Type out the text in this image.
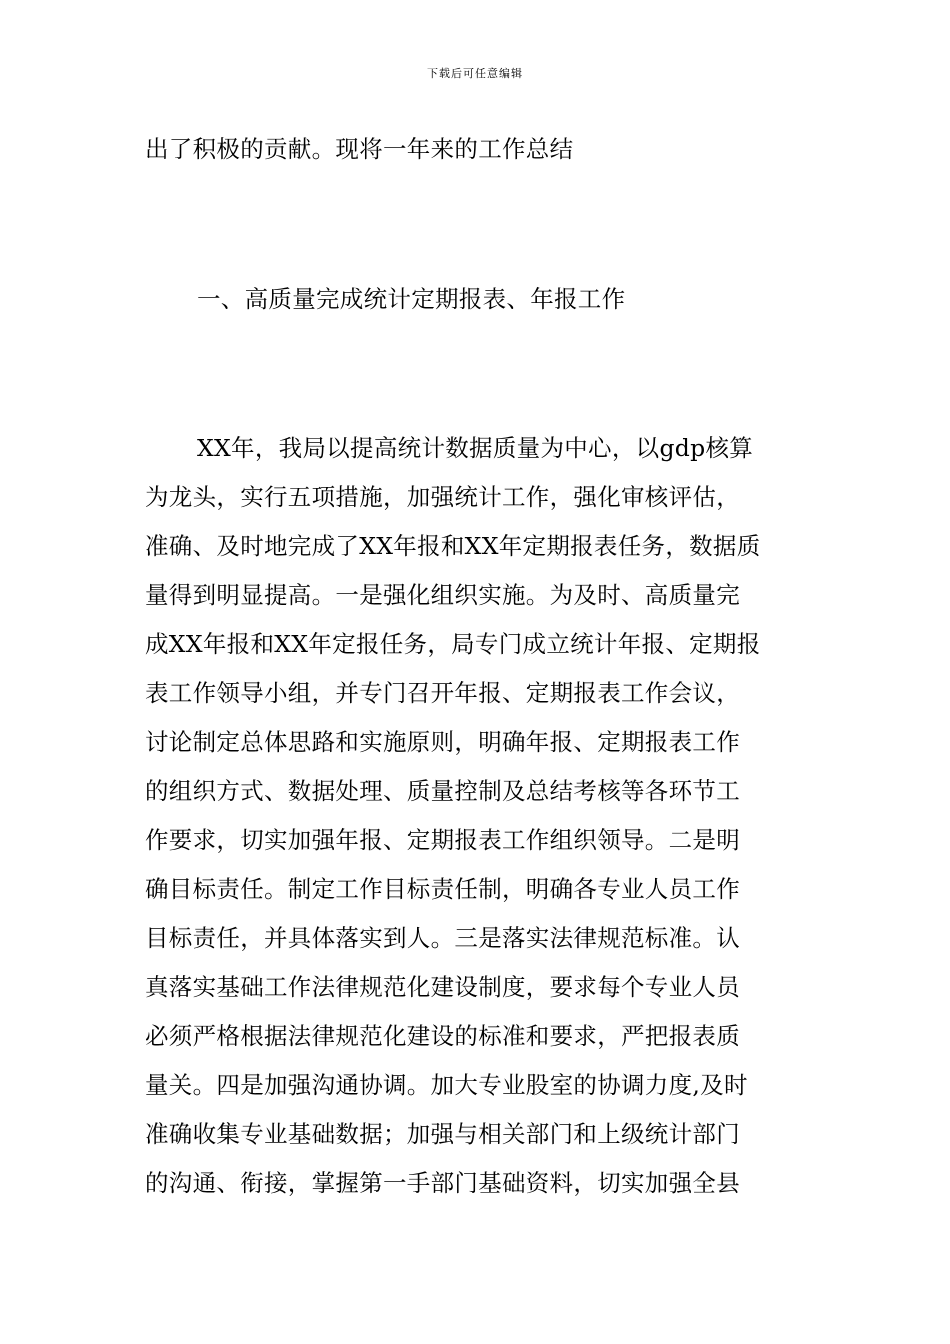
下载后可任意编辑
出了积极的贡献。现将一年来的工作总结
一、高质量完成统计定期报表、年报工作
XX年，我局以提高统计数据质量为中心，以gdp核算
为龙头，实行五项措施，加强统计工作，强化审核评估，
准确、及时地完成了XX年报和XX年定期报表任务，数据质
量得到明显提高。一是强化组织实施。为及时、高质量完
成XX年报和XX年定报任务，局专门成立统计年报、定期报
表工作领导小组，并专门召开年报、定期报表工作会议，
讨论制定总体思路和实施原则，明确年报、定期报表工作
的组织方式、数据处理、质量控制及总结考核等各环节工
作要求，切实加强年报、定期报表工作组织领导。二是明
确目标责任。制定工作目标责任制，明确各专业人员工作
目标责任，并具体落实到人。三是落实法律规范标准。认
真落实基础工作法律规范化建设制度，要求每个专业人员
必须严格根据法律规范化建设的标准和要求，严把报表质
量关。四是加强沟通协调。加大专业股室的协调力度,及时
准确收集专业基础数据；加强与相关部门和上级统计部门
的沟通、衔接，掌握第一手部门基础资料，切实加强全县
